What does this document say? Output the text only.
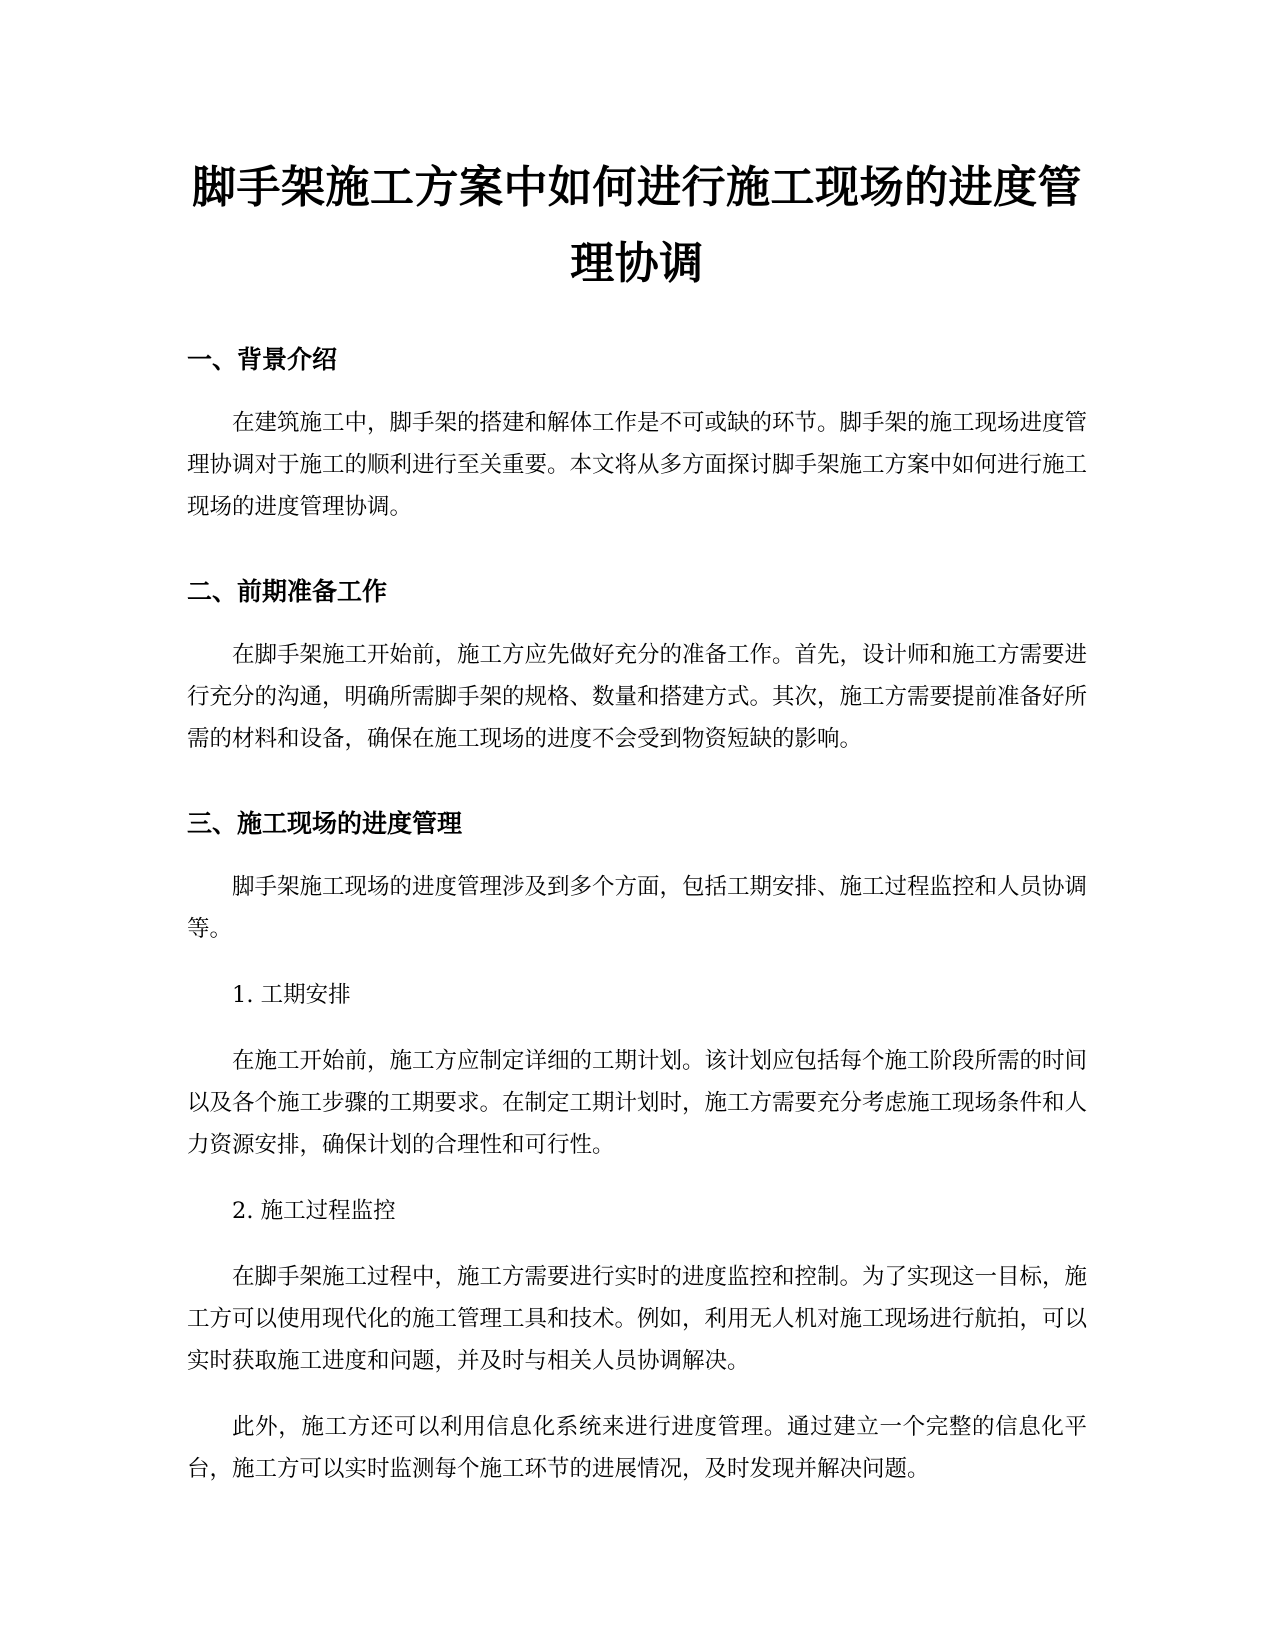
脚手架施工方案中如何进行施工现场的进度管理协调
一、背景介绍

在建筑施工中，脚手架的搭建和解体工作是不可或缺的环节。脚手架的施工现场进度管理协调对于施工的顺利进行至关重要。本文将从多方面探讨脚手架施工方案中如何进行施工现场的进度管理协调。

二、前期准备工作

在脚手架施工开始前，施工方应先做好充分的准备工作。首先，设计师和施工方需要进行充分的沟通，明确所需脚手架的规格、数量和搭建方式。其次，施工方需要提前准备好所需的材料和设备，确保在施工现场的进度不会受到物资短缺的影响。

三、施工现场的进度管理

脚手架施工现场的进度管理涉及到多个方面，包括工期安排、施工过程监控和人员协调等。

1. 工期安排

在施工开始前，施工方应制定详细的工期计划。该计划应包括每个施工阶段所需的时间以及各个施工步骤的工期要求。在制定工期计划时，施工方需要充分考虑施工现场条件和人力资源安排，确保计划的合理性和可行性。

2. 施工过程监控

在脚手架施工过程中，施工方需要进行实时的进度监控和控制。为了实现这一目标，施工方可以使用现代化的施工管理工具和技术。例如，利用无人机对施工现场进行航拍，可以实时获取施工进度和问题，并及时与相关人员协调解决。

此外，施工方还可以利用信息化系统来进行进度管理。通过建立一个完整的信息化平台，施工方可以实时监测每个施工环节的进展情况，及时发现并解决问题。
